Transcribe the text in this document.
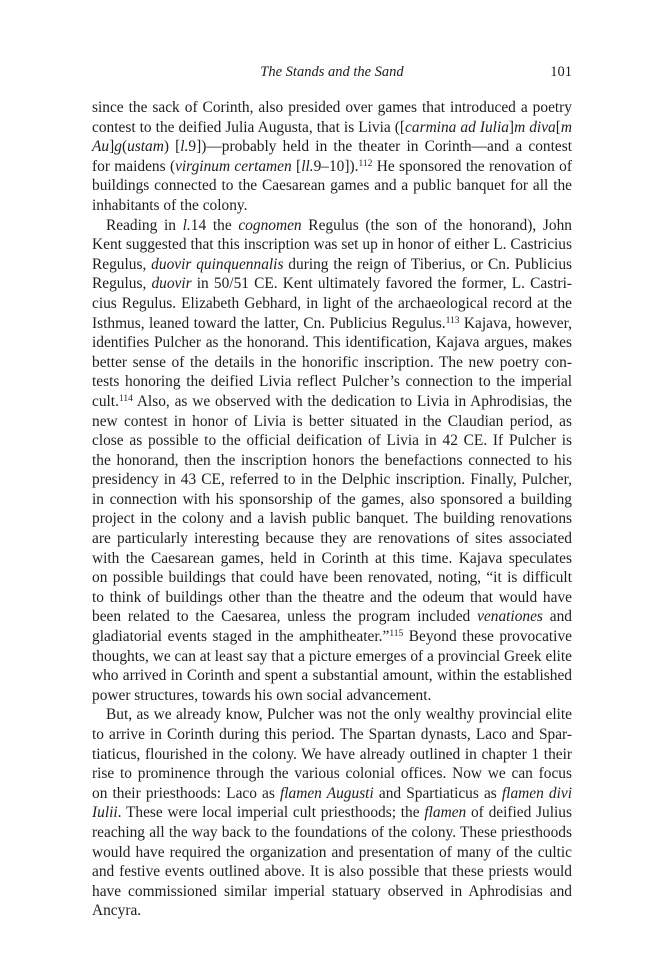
The Stands and the Sand	101
since the sack of Corinth, also presided over games that introduced a poetry
contest to the deified Julia Augusta, that is Livia ([carmina ad Iulia]m diva[m
Au]g(ustam) [l.9])—probably held in the theater in Corinth—and a contest
for maidens (virginum certamen [ll.9–10]).$^{112}$ He sponsored the renovation of
buildings connected to the Caesarean games and a public banquet for all the
inhabitants of the colony.
Reading in l.14 the cognomen Regulus (the son of the honorand), John
Kent suggested that this inscription was set up in honor of either L. Castricius
Regulus, duovir quinquennalis during the reign of Tiberius, or Cn. Publicius
Regulus, duovir in 50/51 CE. Kent ultimately favored the former, L. Castri-
cius Regulus. Elizabeth Gebhard, in light of the archaeological record at the
Isthmus, leaned toward the latter, Cn. Publicius Regulus.$^{113}$ Kajava, however,
identifies Pulcher as the honorand. This identification, Kajava argues, makes
better sense of the details in the honorific inscription. The new poetry con-
tests honoring the deified Livia reflect Pulcher’s connection to the imperial
cult.$^{114}$ Also, as we observed with the dedication to Livia in Aphrodisias, the
new contest in honor of Livia is better situated in the Claudian period, as
close as possible to the official deification of Livia in 42 CE. If Pulcher is
the honorand, then the inscription honors the benefactions connected to his
presidency in 43 CE, referred to in the Delphic inscription. Finally, Pulcher,
in connection with his sponsorship of the games, also sponsored a building
project in the colony and a lavish public banquet. The building renovations
are particularly interesting because they are renovations of sites associated
with the Caesarean games, held in Corinth at this time. Kajava speculates
on possible buildings that could have been renovated, noting, “it is difficult
to think of buildings other than the theatre and the odeum that would have
been related to the Caesarea, unless the program included venationes and
gladiatorial events staged in the amphitheater.”$^{115}$ Beyond these provocative
thoughts, we can at least say that a picture emerges of a provincial Greek elite
who arrived in Corinth and spent a substantial amount, within the established
power structures, towards his own social advancement.
But, as we already know, Pulcher was not the only wealthy provincial elite
to arrive in Corinth during this period. The Spartan dynasts, Laco and Spar-
tiaticus, flourished in the colony. We have already outlined in chapter 1 their
rise to prominence through the various colonial offices. Now we can focus
on their priesthoods: Laco as flamen Augusti and Spartiaticus as flamen divi
Iulii. These were local imperial cult priesthoods; the flamen of deified Julius
reaching all the way back to the foundations of the colony. These priesthoods
would have required the organization and presentation of many of the cultic
and festive events outlined above. It is also possible that these priests would
have commissioned similar imperial statuary observed in Aphrodisias and
Ancyra.
